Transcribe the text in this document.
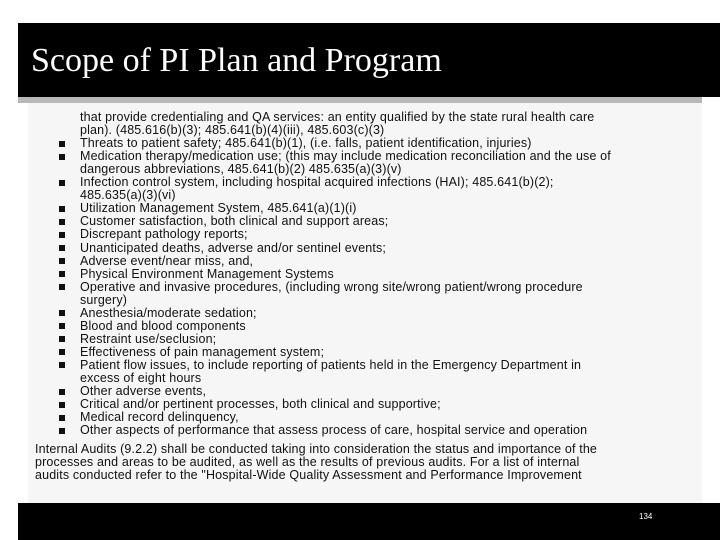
Scope of PI Plan and Program
that provide credentialing and QA services: an entity qualified by the state rural health care
plan). (485.616(b)(3); 485.641(b)(4)(iii), 485.603(c)(3)
Threats to patient safety; 485.641(b)(1), (i.e. falls, patient identification, injuries)
Medication therapy/medication use; (this may include medication reconciliation and the use of
dangerous abbreviations, 485.641(b)(2) 485.635(a)(3)(v)
Infection control system, including hospital acquired infections (HAI); 485.641(b)(2);
485.635(a)(3)(vi)
Utilization Management System, 485.641(a)(1)(i)
Customer satisfaction, both clinical and support areas;
Discrepant pathology reports;
Unanticipated deaths, adverse and/or sentinel events;
Adverse event/near miss, and,
Physical Environment Management Systems
Operative and invasive procedures, (including wrong site/wrong patient/wrong procedure
surgery)
Anesthesia/moderate sedation;
Blood and blood components
Restraint use/seclusion;
Effectiveness of pain management system;
Patient flow issues, to include reporting of patients held in the Emergency Department in
excess of eight hours
Other adverse events,
Critical and/or pertinent processes, both clinical and supportive;
Medical record delinquency,
Other aspects of performance that assess process of care, hospital service and operation
Internal Audits (9.2.2) shall be conducted taking into consideration the status and importance of the
processes and areas to be audited, as well as the results of previous audits. For a list of internal
audits conducted refer to the "Hospital-Wide Quality Assessment and Performance Improvement
134
